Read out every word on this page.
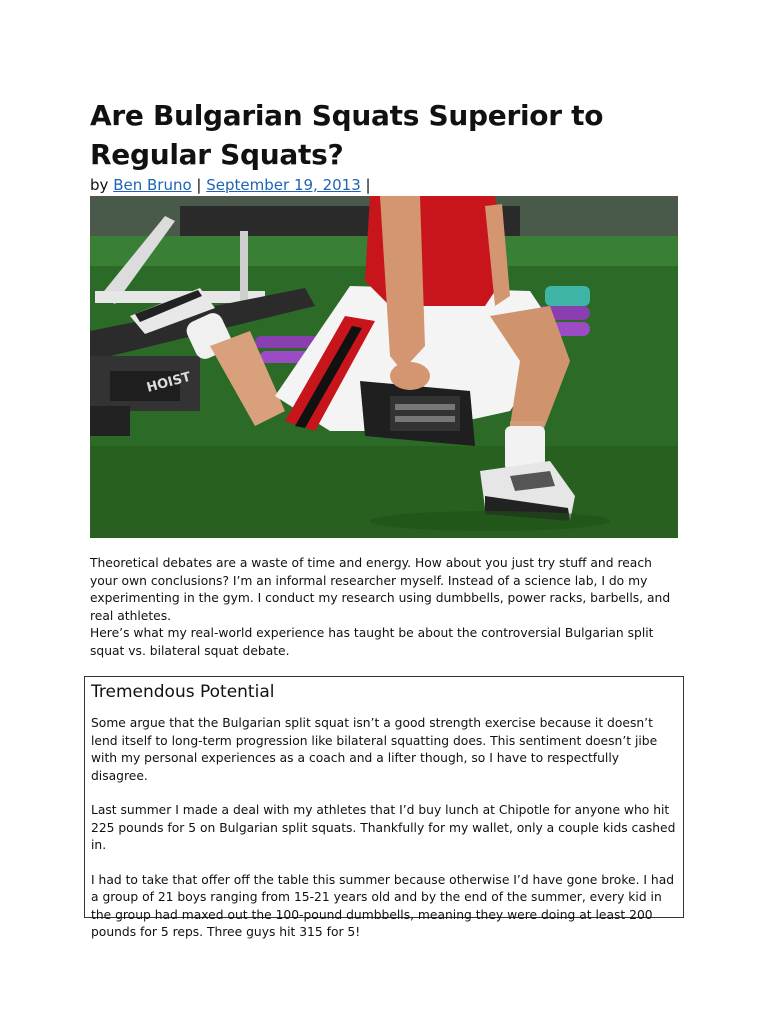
Are Bulgarian Squats Superior to Regular Squats?
by Ben Bruno | September 19, 2013 |
HOIST

Theoretical debates are a waste of time and energy. How about you just try stuff and reach your own conclusions? I’m an informal researcher myself. Instead of a science lab, I do my experimenting in the gym. I conduct my research using dumbbells, power racks, barbells, and real athletes.

Here’s what my real-world experience has taught be about the controversial Bulgarian split squat vs. bilateral squat debate.

Tremendous Potential

Some argue that the Bulgarian split squat isn’t a good strength exercise because it doesn’t lend itself to long-term progression like bilateral squatting does. This sentiment doesn’t jibe with my personal experiences as a coach and a lifter though, so I have to respectfully disagree.

Last summer I made a deal with my athletes that I’d buy lunch at Chipotle for anyone who hit 225 pounds for 5 on Bulgarian split squats. Thankfully for my wallet, only a couple kids cashed in.

I had to take that offer off the table this summer because otherwise I’d have gone broke. I had a group of 21 boys ranging from 15-21 years old and by the end of the summer, every kid in the group had maxed out the 100-pound dumbbells, meaning they were doing at least 200 pounds for 5 reps. Three guys hit 315 for 5!
